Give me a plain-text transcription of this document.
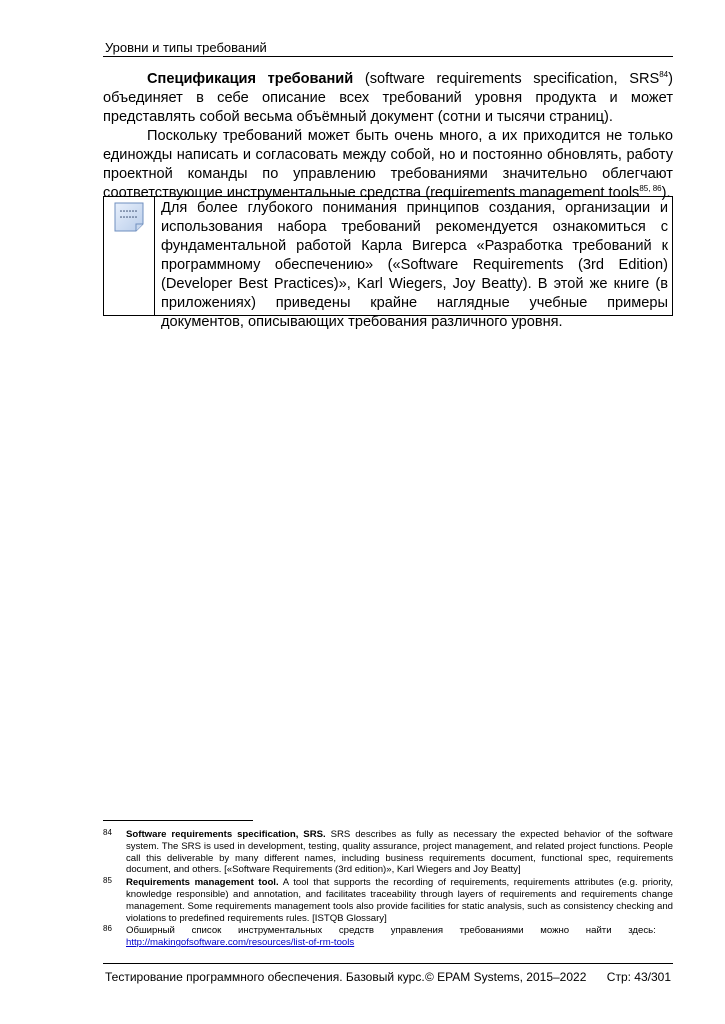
Уровни и типы требований

Спецификация требований (software requirements specification, SRS$^{84}$) объединяет в себе описание всех требований уровня продукта и может представлять собой весьма объёмный документ (сотни и тысячи страниц).

Поскольку требований может быть очень много, а их приходится не только единожды написать и согласовать между собой, но и постоянно обновлять, работу проектной команды по управлению требованиями значительно облегчают соответствующие инструментальные средства (requirements management tools$^{85, 86}$).

Для более глубокого понимания принципов создания, организации и использования набора требований рекомендуется ознакомиться с фундаментальной работой Карла Вигерса «Разработка требований к программному обеспечению» («Software Requirements (3rd Edition) (Developer Best Practices)», Karl Wiegers, Joy Beatty). В этой же книге (в приложениях) приведены крайне наглядные учебные примеры документов, описывающих требования различного уровня.
84 Software requirements specification, SRS. SRS describes as fully as necessary the expected behavior of the software system. The SRS is used in development, testing, quality assurance, project management, and related project functions. People call this deliverable by many different names, including business requirements document, functional spec, requirements document, and others. [«Software Requirements (3rd edition)», Karl Wiegers and Joy Beatty]
85 Requirements management tool. A tool that supports the recording of requirements, requirements attributes (e.g. priority, knowledge responsible) and annotation, and facilitates traceability through layers of requirements and requirements change management. Some requirements management tools also provide facilities for static analysis, such as consistency checking and violations to predefined requirements rules. [ISTQB Glossary]
86 Обширный список инструментальных средств управления требованиями можно найти здесь:
http://makingofsoftware.com/resources/list-of-rm-tools
Тестирование программного обеспечения. Базовый курс. © EPAM Systems, 2015–2022 Стр: 43/301
